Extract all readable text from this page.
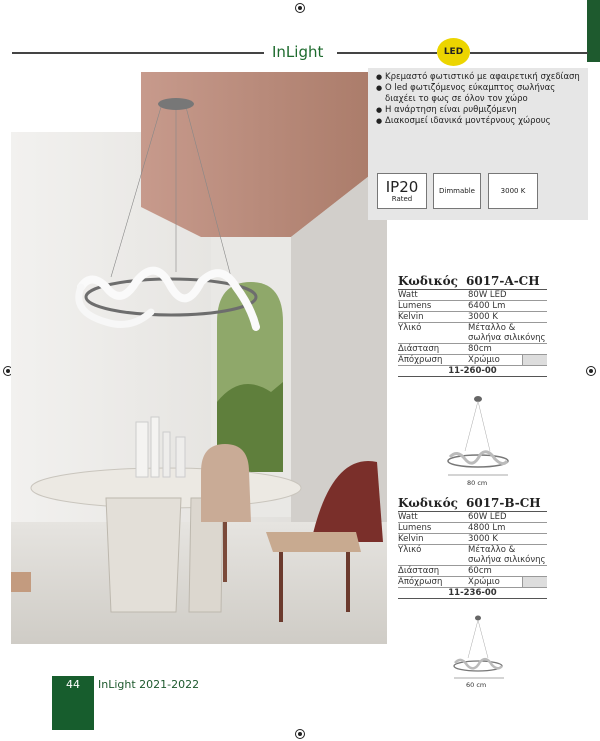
InLight	LED
● Κρεμαστό φωτιστικό με αφαιρετική σχεδίαση
● Ο led φωτιζόμενος εύκαμπτος σωλήνας διαχέει το φως σε όλον τον χώρο
● Η ανάρτηση είναι ρυθμιζόμενη
● Διακοσμεί ιδανικά μοντέρνους χώρους
IP20
Rated
Dimmable	3000 K
Κωδικός 6017-A-CH
Watt	80W LED
Lumens	6400 Lm
Kelvin	3000 K
Υλικό	Μέταλλο & σωλήνα σιλικόνης
Διάσταση	80cm
Απόχρωση	Χρώμιο
11-260-00
80 cm
Κωδικός 6017-B-CH
Watt	60W LED
Lumens	4800 Lm
Kelvin	3000 K
Υλικό	Μέταλλο & σωλήνα σιλικόνης
Διάσταση	60cm
Απόχρωση	Χρώμιο
11-236-00
60 cm
44	InLight 2021-2022
